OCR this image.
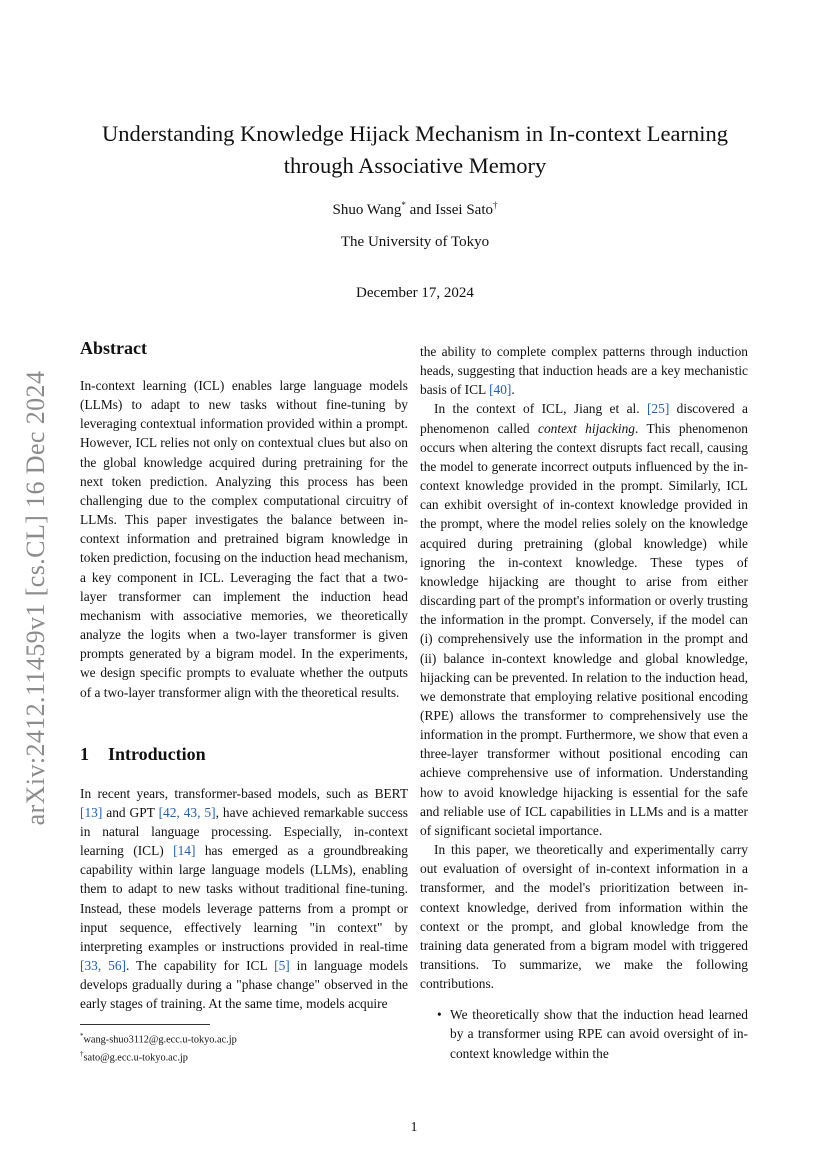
arXiv:2412.11459v1 [cs.CL] 16 Dec 2024
Understanding Knowledge Hijack Mechanism in In-context Learning
through Associative Memory
Shuo Wang* and Issei Sato†
The University of Tokyo
December 17, 2024
Abstract

In-context learning (ICL) enables large language models (LLMs) to adapt to new tasks without fine-tuning by leveraging contextual information provided within a prompt. However, ICL relies not only on contextual clues but also on the global knowledge acquired during pretraining for the next token prediction. Analyzing this process has been challenging due to the complex computational circuitry of LLMs. This paper investigates the balance between in-context information and pretrained bigram knowledge in token prediction, focusing on the induction head mechanism, a key component in ICL. Leveraging the fact that a two-layer transformer can implement the induction head mechanism with associative memories, we theoretically analyze the logits when a two-layer transformer is given prompts generated by a bigram model. In the experiments, we design specific prompts to evaluate whether the outputs of a two-layer transformer align with the theoretical results.

1 Introduction

In recent years, transformer-based models, such as BERT [13] and GPT [42, 43, 5], have achieved remarkable success in natural language processing. Especially, in-context learning (ICL) [14] has emerged as a groundbreaking capability within large language models (LLMs), enabling them to adapt to new tasks without traditional fine-tuning. Instead, these models leverage patterns from a prompt or input sequence, effectively learning "in context" by interpreting examples or instructions provided in real-time [33, 56]. The capability for ICL [5] in language models develops gradually during a "phase change" observed in the early stages of training. At the same time, models acquire

*wang-shuo3112@g.ecc.u-tokyo.ac.jp
†sato@g.ecc.u-tokyo.ac.jp

the ability to complete complex patterns through induction heads, suggesting that induction heads are a key mechanistic basis of ICL [40].

In the context of ICL, Jiang et al. [25] discovered a phenomenon called context hijacking. This phenomenon occurs when altering the context disrupts fact recall, causing the model to generate incorrect outputs influenced by the in-context knowledge provided in the prompt. Similarly, ICL can exhibit oversight of in-context knowledge provided in the prompt, where the model relies solely on the knowledge acquired during pretraining (global knowledge) while ignoring the in-context knowledge. These types of knowledge hijacking are thought to arise from either discarding part of the prompt's information or overly trusting the information in the prompt. Conversely, if the model can (i) comprehensively use the information in the prompt and (ii) balance in-context knowledge and global knowledge, hijacking can be prevented. In relation to the induction head, we demonstrate that employing relative positional encoding (RPE) allows the transformer to comprehensively use the information in the prompt. Furthermore, we show that even a three-layer transformer without positional encoding can achieve comprehensive use of information. Understanding how to avoid knowledge hijacking is essential for the safe and reliable use of ICL capabilities in LLMs and is a matter of significant societal importance.

In this paper, we theoretically and experimentally carry out evaluation of oversight of in-context information in a transformer, and the model's prioritization between in-context knowledge, derived from information within the context or the prompt, and global knowledge from the training data generated from a bigram model with triggered transitions. To summarize, we make the following contributions.

• We theoretically show that the induction head learned by a transformer using RPE can avoid oversight of in-context knowledge within the
1
